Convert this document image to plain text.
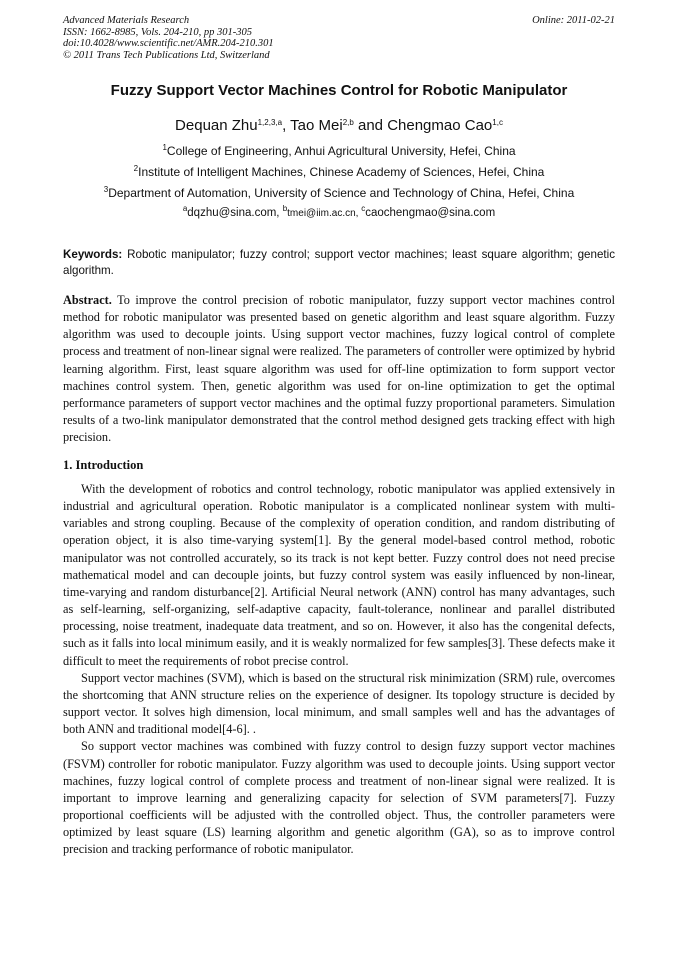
Advanced Materials Research
ISSN: 1662-8985, Vols. 204-210, pp 301-305
doi:10.4028/www.scientific.net/AMR.204-210.301
© 2011 Trans Tech Publications Ltd, Switzerland
Online: 2011-02-21
Fuzzy Support Vector Machines Control for Robotic Manipulator
Dequan Zhu$^{1,2,3,a}$, Tao Mei$^{2,b}$ and Chengmao Cao$^{1,c}$
$^1$College of Engineering, Anhui Agricultural University, Hefei, China
$^2$Institute of Intelligent Machines, Chinese Academy of Sciences, Hefei, China
$^3$Department of Automation, University of Science and Technology of China, Hefei, China
$^a$dqzhu@sina.com, $^b$tmei@iim.ac.cn, $^c$caochengmao@sina.com
Keywords: Robotic manipulator; fuzzy control; support vector machines; least square algorithm; genetic algorithm.
Abstract. To improve the control precision of robotic manipulator, fuzzy support vector machines control method for robotic manipulator was presented based on genetic algorithm and least square algorithm. Fuzzy algorithm was used to decouple joints. Using support vector machines, fuzzy logical control of complete process and treatment of non-linear signal were realized. The parameters of controller were optimized by hybrid learning algorithm. First, least square algorithm was used for off-line optimization to form support vector machines control system. Then, genetic algorithm was used for on-line optimization to get the optimal performance parameters of support vector machines and the optimal fuzzy proportional parameters. Simulation results of a two-link manipulator demonstrated that the control method designed gets tracking effect with high precision.
1. Introduction

With the development of robotics and control technology, robotic manipulator was applied extensively in industrial and agricultural operation. Robotic manipulator is a complicated nonlinear system with multi-variables and strong coupling. Because of the complexity of operation condition, and random distributing of operation object, it is also time-varying system[1]. By the general model-based control method, robotic manipulator was not controlled accurately, so its track is not kept better. Fuzzy control does not need precise mathematical model and can decouple joints, but fuzzy control system was easily influenced by non-linear, time-varying and random disturbance[2]. Artificial Neural network (ANN) control has many advantages, such as self-learning, self-organizing, self-adaptive capacity, fault-tolerance, nonlinear and parallel distributed processing, noise treatment, inadequate data treatment, and so on. However, it also has the congenital defects, such as it falls into local minimum easily, and it is weakly normalized for few samples[3]. These defects make it difficult to meet the requirements of robot precise control.

Support vector machines (SVM), which is based on the structural risk minimization (SRM) rule, overcomes the shortcoming that ANN structure relies on the experience of designer. Its topology structure is decided by support vector. It solves high dimension, local minimum, and small samples well and has the advantages of both ANN and traditional model[4-6]. .

So support vector machines was combined with fuzzy control to design fuzzy support vector machines (FSVM) controller for robotic manipulator. Fuzzy algorithm was used to decouple joints. Using support vector machines, fuzzy logical control of complete process and treatment of non-linear signal were realized. It is important to improve learning and generalizing capacity for selection of SVM parameters[7]. Fuzzy proportional coefficients will be adjusted with the controlled object. Thus, the controller parameters were optimized by least square (LS) learning algorithm and genetic algorithm (GA), so as to improve control precision and tracking performance of robotic manipulator.
